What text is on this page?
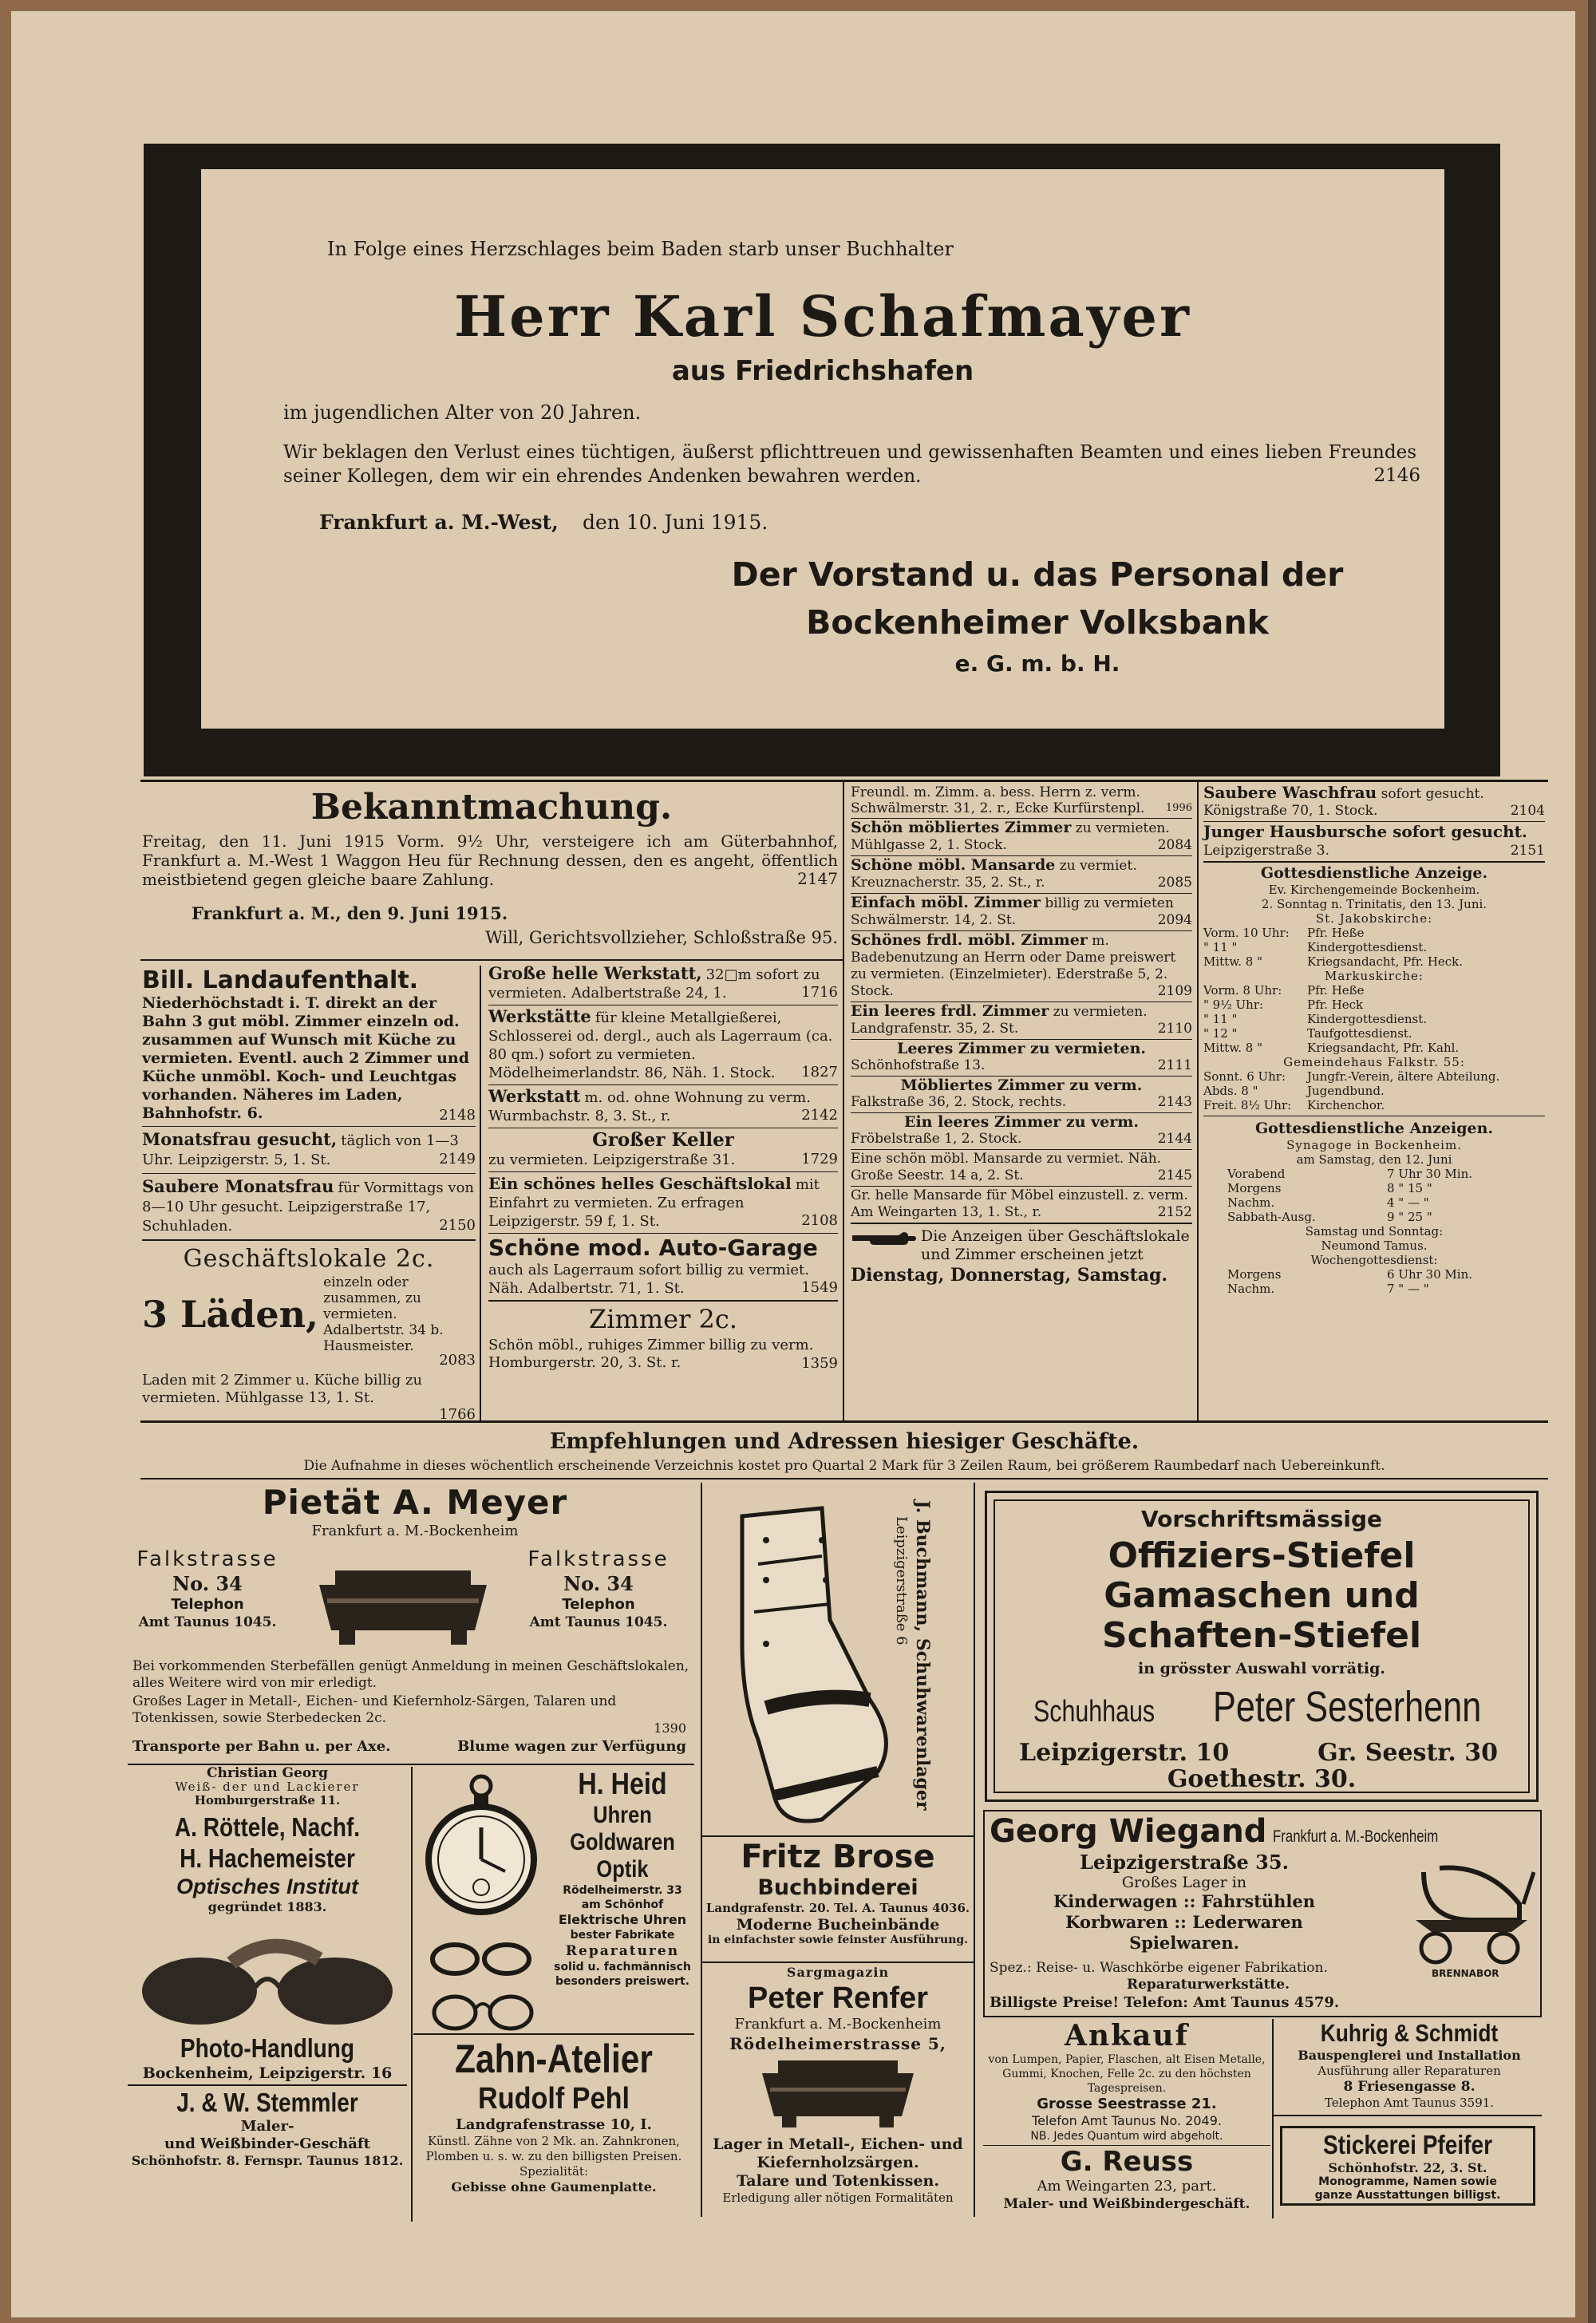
In Folge eines Herzschlages beim Baden starb unser Buchhalter
Herr Karl Schafmayer
aus Friedrichshafen
im jugendlichen Alter von 20 Jahren.
Wir beklagen den Verlust eines tüchtigen, äußerst pflichttreuen und gewissenhaften Beamten und eines lieben Freundes seiner Kollegen, dem wir ein ehrendes Andenken bewahren werden.	2146
Frankfurt a. M.-West, den 10. Juni 1915.
Der Vorstand u. das Personal der
Bockenheimer Volksbank
e. G. m. b. H.
Bekanntmachung.
Freitag, den 11. Juni 1915 Vorm. 9½ Uhr, versteigere ich am Güterbahnhof, Frankfurt a. M.-West 1 Waggon Heu für Rechnung dessen, den es angeht, öffentlich meistbietend gegen gleiche baare Zahlung.	2147
Frankfurt a. M., den 9. Juni 1915.
Will, Gerichtsvollzieher, Schloßstraße 95.
Bill. Landaufenthalt.
Niederhöchstadt i. T. direkt an der Bahn 3 gut möbl. Zimmer einzeln od. zusammen auf Wunsch mit Küche zu vermieten. Eventl. auch 2 Zimmer und Küche unmöbl. Koch- und Leuchtgas vorhanden. Näheres im Laden, Bahnhofstr. 6.	2148
Monatsfrau gesucht, täglich von 1—3 Uhr. Leipzigerstr. 5, 1. St.	2149
Saubere Monatsfrau für Vormittags von 8—10 Uhr gesucht. Leipzigerstraße 17, Schuhladen.	2150
Geschäftslokale 2c.
3 Läden,
einzeln oder zusammen, zu vermieten. Adalbertstr. 34 b. Hausmeister.
2083
Laden mit 2 Zimmer u. Küche billig zu vermieten. Mühlgasse 13, 1. St.
1766
Große helle Werkstatt, 32□m sofort zu vermieten. Adalbertstraße 24, 1.	1716
Werkstätte für kleine Metallgießerei, Schlosserei od. dergl., auch als Lagerraum (ca. 80 qm.) sofort zu vermieten. Mödelheimerlandstr. 86, Näh. 1. Stock. 1827
Werkstatt m. od. ohne Wohnung zu verm. Wurmbachstr. 8, 3. St., r.	2142
Großer Keller
zu vermieten. Leipzigerstraße 31.	1729
Ein schönes helles Geschäftslokal mit Einfahrt zu vermieten. Zu erfragen Leipzigerstr. 59 f, 1. St.	2108
Schöne mod. Auto-Garage
auch als Lagerraum sofort billig zu vermiet. Näh. Adalbertstr. 71, 1. St.	1549
Zimmer 2c.
Schön möbl., ruhiges Zimmer billig zu verm. Homburgerstr. 20, 3. St. r.	1359
Freundl. m. Zimm. a. bess. Herrn z. verm. Schwälmerstr. 31, 2. r., Ecke Kurfürstenpl. 1996
Schön möbliertes Zimmer zu vermieten. Mühlgasse 2, 1. Stock.	2084
Schöne möbl. Mansarde zu vermiet. Kreuznacherstr. 35, 2. St., r.	2085
Einfach möbl. Zimmer billig zu vermieten Schwälmerstr. 14, 2. St.	2094
Schönes frdl. möbl. Zimmer m. Badebenutzung an Herrn oder Dame preiswert zu vermieten. (Einzelmieter). Ederstraße 5, 2. Stock.	2109
Ein leeres frdl. Zimmer zu vermieten. Landgrafenstr. 35, 2. St.	2110
Leeres Zimmer zu vermieten.
Schönhofstraße 13.	2111
Möbliertes Zimmer zu verm.
Falkstraße 36, 2. Stock, rechts.	2143
Ein leeres Zimmer zu verm.
Fröbelstraße 1, 2. Stock.	2144
Eine schön möbl. Mansarde zu vermiet. Näh. Große Seestr. 14 a, 2. St.	2145
Gr. helle Mansarde für Möbel einzustell. z. verm. Am Weingarten 13, 1. St., r.	2152
Die Anzeigen über Geschäftslokale und Zimmer erscheinen jetzt
Dienstag, Donnerstag, Samstag.
Saubere Waschfrau sofort gesucht. Königstraße 70, 1. Stock.	2104
Junger Hausbursche sofort gesucht. Leipzigerstraße 3.	2151
Gottesdienstliche Anzeige.
Ev. Kirchengemeinde Bockenheim.
2. Sonntag n. Trinitatis, den 13. Juni.
St. Jakobskirche:
Vorm. 10 Uhr:	Pfr. Heße
" 11 "	Kindergottesdienst.
Mittw. 8 "	Kriegsandacht, Pfr. Heck.
Markuskirche:
Vorm. 8 Uhr:	Pfr. Heße
" 9½ Uhr:	Pfr. Heck
" 11 "	Kindergottesdienst.
" 12 "	Taufgottesdienst.
Mittw. 8 "	Kriegsandacht, Pfr. Kahl.
Gemeindehaus Falkstr. 55:
Sonnt. 6 Uhr:	Jungfr.-Verein, ältere Abteilung.
Abds. 8 "	Jugendbund.
Freit. 8½ Uhr:	Kirchenchor.
Gottesdienstliche Anzeigen.
Synagoge in Bockenheim.
am Samstag, den 12. Juni
Vorabend	7 Uhr 30 Min.
Morgens	8 " 15 "
Nachm.	4 " — "
Sabbath-Ausg.	9 " 25 "
Samstag und Sonntag:
Neumond Tamus.
Wochengottesdienst:
Morgens	6 Uhr 30 Min.
Nachm.	7 " — "
Empfehlungen und Adressen hiesiger Geschäfte.
Die Aufnahme in dieses wöchentlich erscheinende Verzeichnis kostet pro Quartal 2 Mark für 3 Zeilen Raum, bei größerem Raumbedarf nach Uebereinkunft.
Pietät A. Meyer
Frankfurt a. M.-Bockenheim
Falkstrasse
No. 34
Telephon
Amt Taunus 1045.
Falkstrasse
No. 34
Telephon
Amt Taunus 1045.
Bei vorkommenden Sterbefällen genügt Anmeldung in meinen Geschäftslokalen, alles Weitere wird von mir erledigt.
Großes Lager in Metall-, Eichen- und Kiefernholz-Särgen, Talaren und Totenkissen, sowie Sterbedecken 2c.
1390
Transporte per Bahn u. per Axe.	Blume wagen zur Verfügung
Christian Georg
Weiß- der und Lackierer
Homburgerstraße 11.
A. Röttele, Nachf.
H. Hachemeister
Optisches Institut
gegründet 1883.
Photo-Handlung
Bockenheim, Leipzigerstr. 16
J. & W. Stemmler
Maler-
und Weißbinder-Geschäft
Schönhofstr. 8. Fernspr. Taunus 1812.
H. Heid
Uhren
Goldwaren
Optik
Rödelheimerstr. 33
am Schönhof
Elektrische Uhren
bester Fabrikate
Reparaturen
solid u. fachmännisch
besonders preiswert.
Zahn-Atelier
Rudolf Pehl
Landgrafenstrasse 10, I.
Künstl. Zähne von 2 Mk. an. Zahnkronen, Plomben u. s. w. zu den billigsten Preisen. Spezialität:
Gebisse ohne Gaumenplatte.
J. Buchmann, Schuhwarenlager
Leipzigerstraße 6
Fritz Brose
Buchbinderei
Landgrafenstr. 20. Tel. A. Taunus 4036.
Moderne Bucheinbände
in einfachster sowie feinster Ausführung.
Sargmagazin
Peter Renfer
Frankfurt a. M.-Bockenheim
Rödelheimerstrasse 5,
Lager in Metall-, Eichen- und Kiefernholzsärgen.
Talare und Totenkissen.
Erledigung aller nötigen Formalitäten
Vorschriftsmässige
Offiziers-Stiefel
Gamaschen und
Schaften-Stiefel
in grösster Auswahl vorrätig.
Schuhhaus Peter Sesterhenn
Leipzigerstr. 10	Gr. Seestr. 30
Goethestr. 30.
Georg Wiegand Frankfurt a. M.-Bockenheim
Leipzigerstraße 35.
Großes Lager in
Kinderwagen :: Fahrstühlen
Korbwaren :: Lederwaren
Spielwaren.
BRENNABOR
Spez.: Reise- u. Waschkörbe eigener Fabrikation.
Reparaturwerkstätte.
Billigste Preise! Telefon: Amt Taunus 4579.
Ankauf
von Lumpen, Papier, Flaschen, alt Eisen Metalle, Gummi, Knochen, Felle 2c. zu den höchsten Tagespreisen.
Grosse Seestrasse 21.
Telefon Amt Taunus No. 2049.
NB. Jedes Quantum wird abgeholt.
G. Reuss
Am Weingarten 23, part.
Maler- und Weißbindergeschäft.
Kuhrig & Schmidt
Bauspenglerei und Installation
Ausführung aller Reparaturen
8 Friesengasse 8.
Telephon Amt Taunus 3591.
Stickerei Pfeifer
Schönhofstr. 22, 3. St.
Monogramme, Namen sowie
ganze Ausstattungen billigst.
